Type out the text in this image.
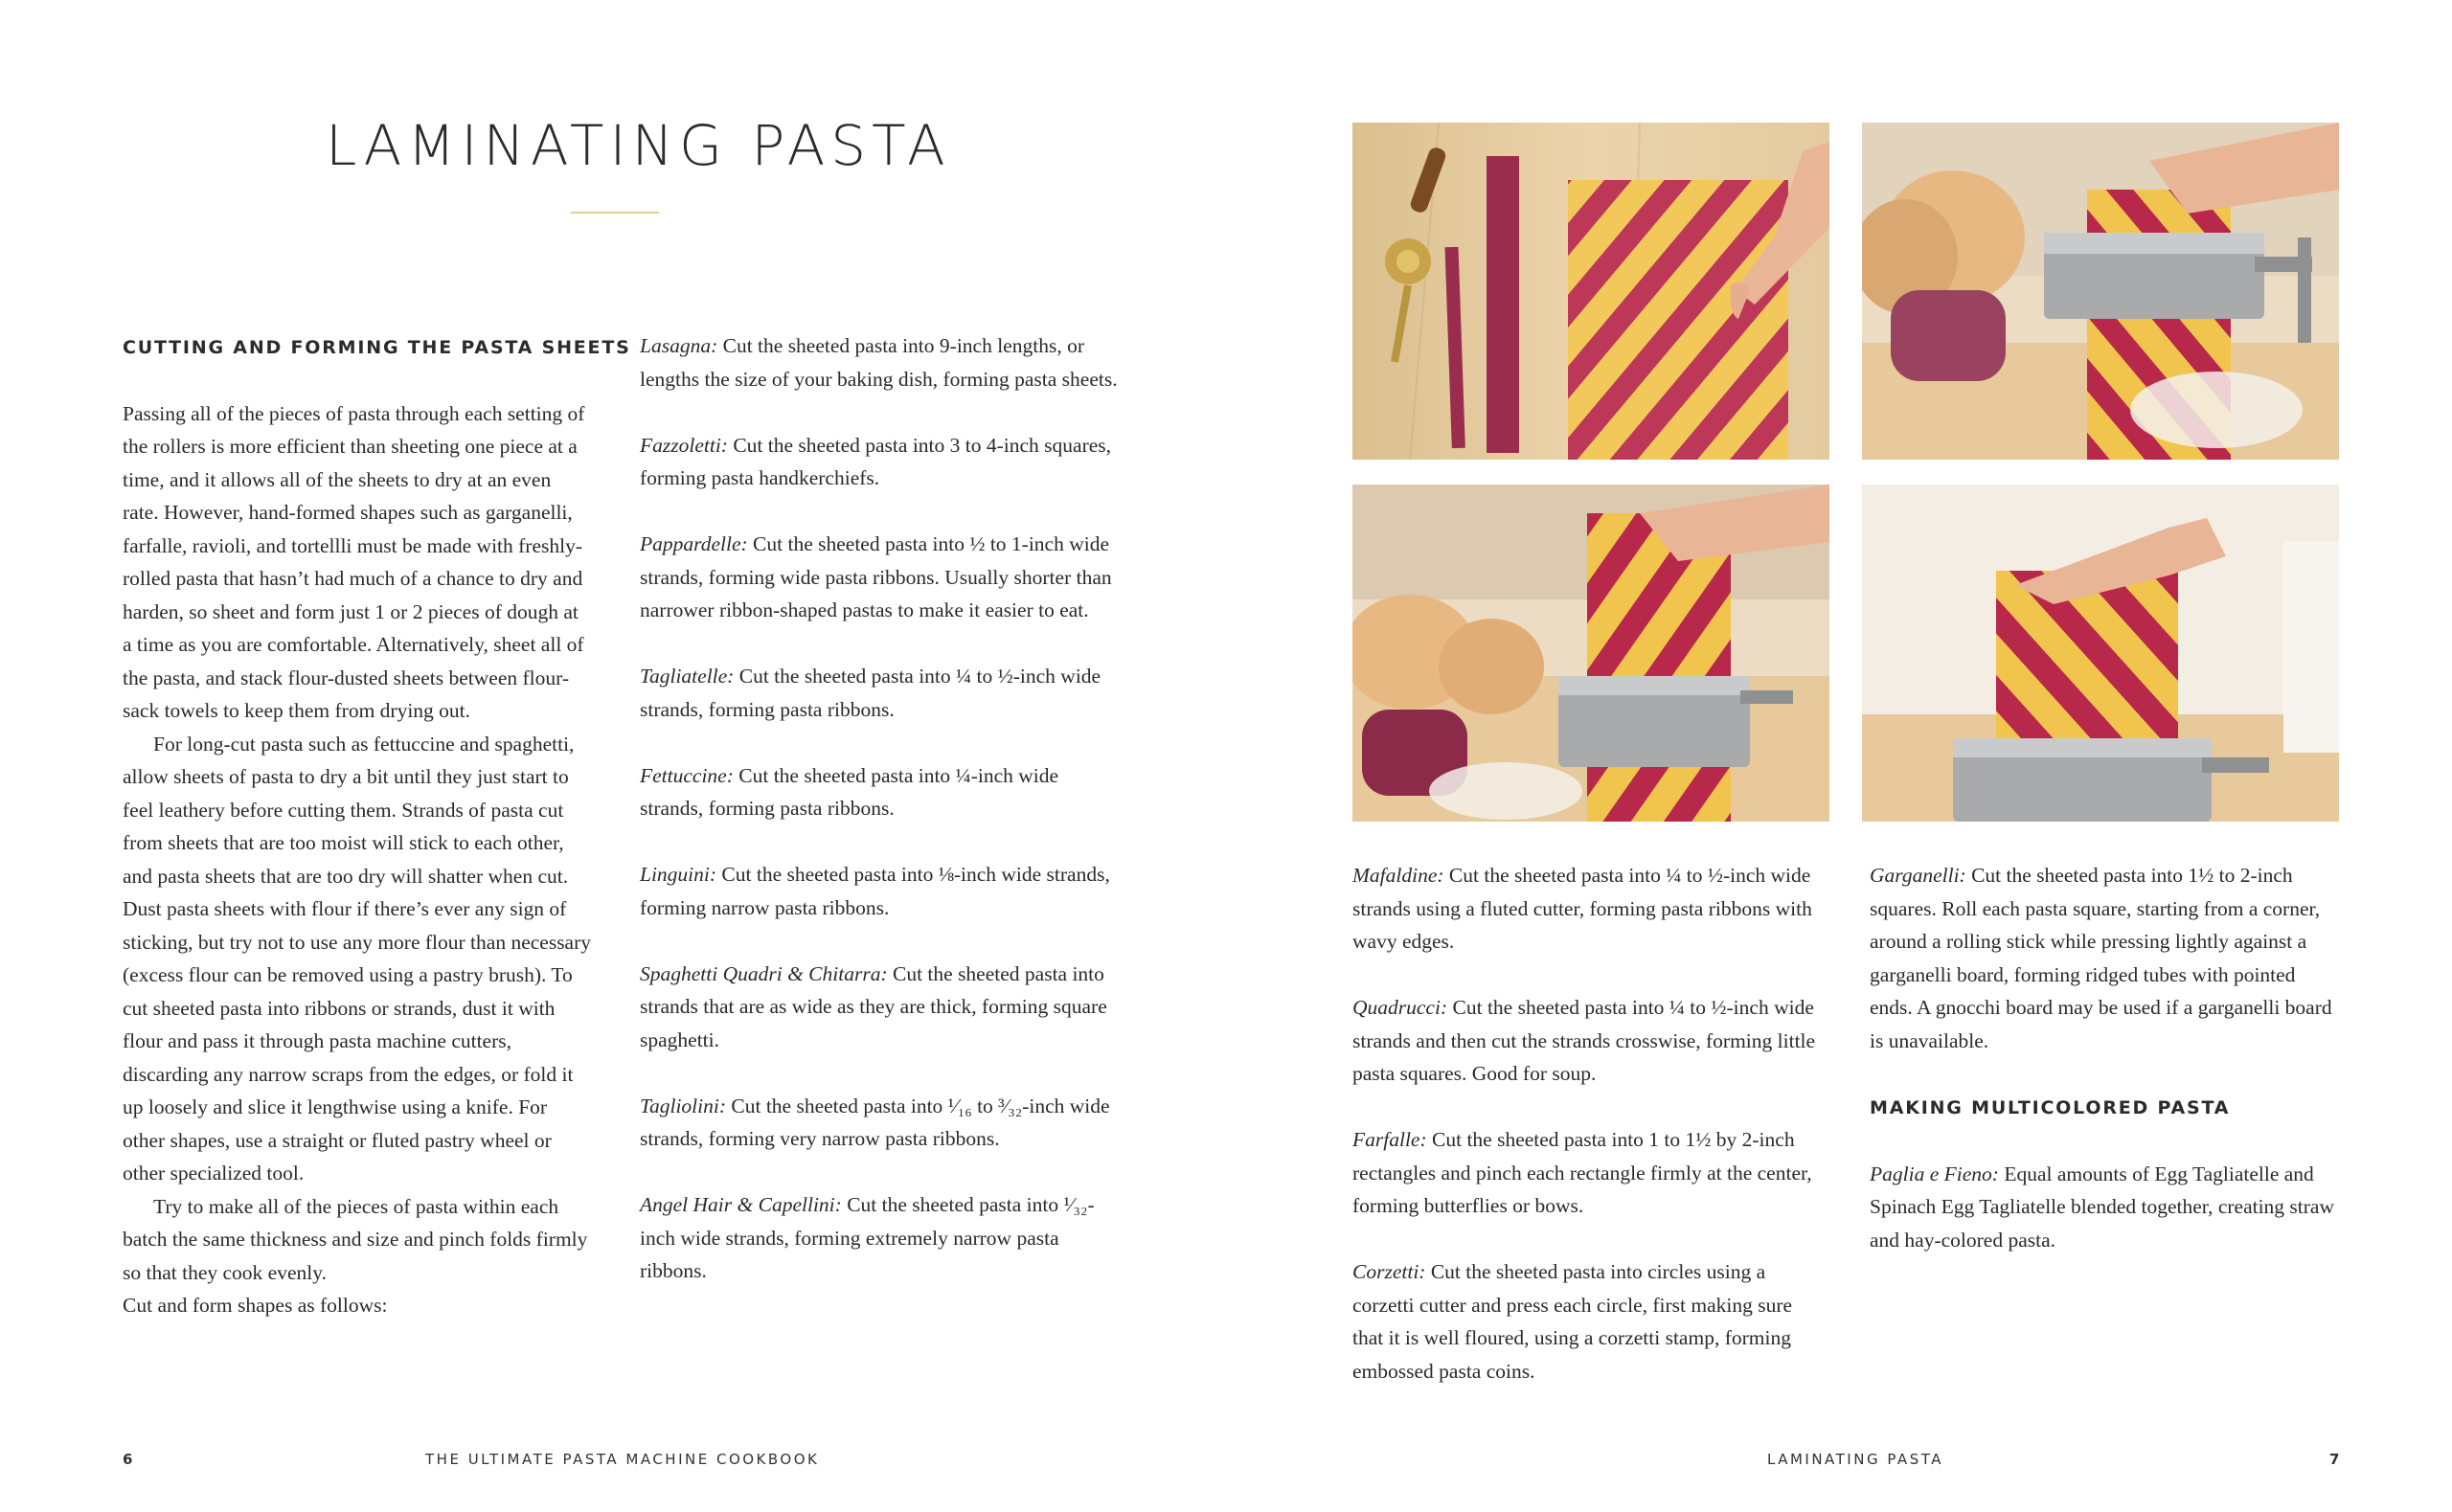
LAMINATING PASTA
CUTTING AND FORMING THE PASTA SHEETS

Passing all of the pieces of pasta through each setting of the rollers is more efficient than sheeting one piece at a time, and it allows all of the sheets to dry at an even rate. However, hand-formed shapes such as garganelli, farfalle, ravioli, and tortellli must be made with freshly-rolled pasta that hasn’t had much of a chance to dry and harden, so sheet and form just 1 or 2 pieces of dough at a time as you are comfortable. Alternatively, sheet all of the pasta, and stack flour-dusted sheets between flour-sack towels to keep them from drying out.

For long-cut pasta such as fettuccine and spaghetti, allow sheets of pasta to dry a bit until they just start to feel leathery before cutting them. Strands of pasta cut from sheets that are too moist will stick to each other, and pasta sheets that are too dry will shatter when cut. Dust pasta sheets with flour if there’s ever any sign of sticking, but try not to use any more flour than necessary (excess flour can be removed using a pastry brush). To cut sheeted pasta into ribbons or strands, dust it with flour and pass it through pasta machine cutters, discarding any narrow scraps from the edges, or fold it up loosely and slice it lengthwise using a knife. For other shapes, use a straight or fluted pastry wheel or other specialized tool.

Try to make all of the pieces of pasta within each batch the same thickness and size and pinch folds firmly so that they cook evenly.

Cut and form shapes as follows:

Lasagna: Cut the sheeted pasta into 9-inch lengths, or lengths the size of your baking dish, forming pasta sheets.

Fazzoletti: Cut the sheeted pasta into 3 to 4-inch squares, forming pasta handkerchiefs.

Pappardelle: Cut the sheeted pasta into ½ to 1-inch wide strands, forming wide pasta ribbons. Usually shorter than narrower ribbon-shaped pastas to make it easier to eat.

Tagliatelle: Cut the sheeted pasta into ¼ to ½-inch wide strands, forming pasta ribbons.

Fettuccine: Cut the sheeted pasta into ¼-inch wide strands, forming pasta ribbons.

Linguini: Cut the sheeted pasta into ⅛-inch wide strands, forming narrow pasta ribbons.

Spaghetti Quadri & Chitarra: Cut the sheeted pasta into strands that are as wide as they are thick, forming square spaghetti.

Tagliolini: Cut the sheeted pasta into ¹⁄₁₆ to ³⁄₃₂-inch wide strands, forming very narrow pasta ribbons.

Angel Hair & Capellini: Cut the sheeted pasta into ¹⁄₃₂-inch wide strands, forming extremely narrow pasta ribbons.

Mafaldine: Cut the sheeted pasta into ¼ to ½-inch wide strands using a fluted cutter, forming pasta ribbons with wavy edges.

Quadrucci: Cut the sheeted pasta into ¼ to ½-inch wide strands and then cut the strands crosswise, forming little pasta squares. Good for soup.

Farfalle: Cut the sheeted pasta into 1 to 1½ by 2-inch rectangles and pinch each rectangle firmly at the center, forming butterflies or bows.

Corzetti: Cut the sheeted pasta into circles using a corzetti cutter and press each circle, first making sure that it is well floured, using a corzetti stamp, forming embossed pasta coins.

Garganelli: Cut the sheeted pasta into 1½ to 2-inch squares. Roll each pasta square, starting from a corner, around a rolling stick while pressing lightly against a garganelli board, forming ridged tubes with pointed ends. A gnocchi board may be used if a garganelli board is unavailable.

MAKING MULTICOLORED PASTA

Paglia e Fieno: Equal amounts of Egg Tagliatelle and Spinach Egg Tagliatelle blended together, creating straw and hay-colored pasta.

6	THE ULTIMATE PASTA MACHINE COOKBOOK	LAMINATING PASTA	7
